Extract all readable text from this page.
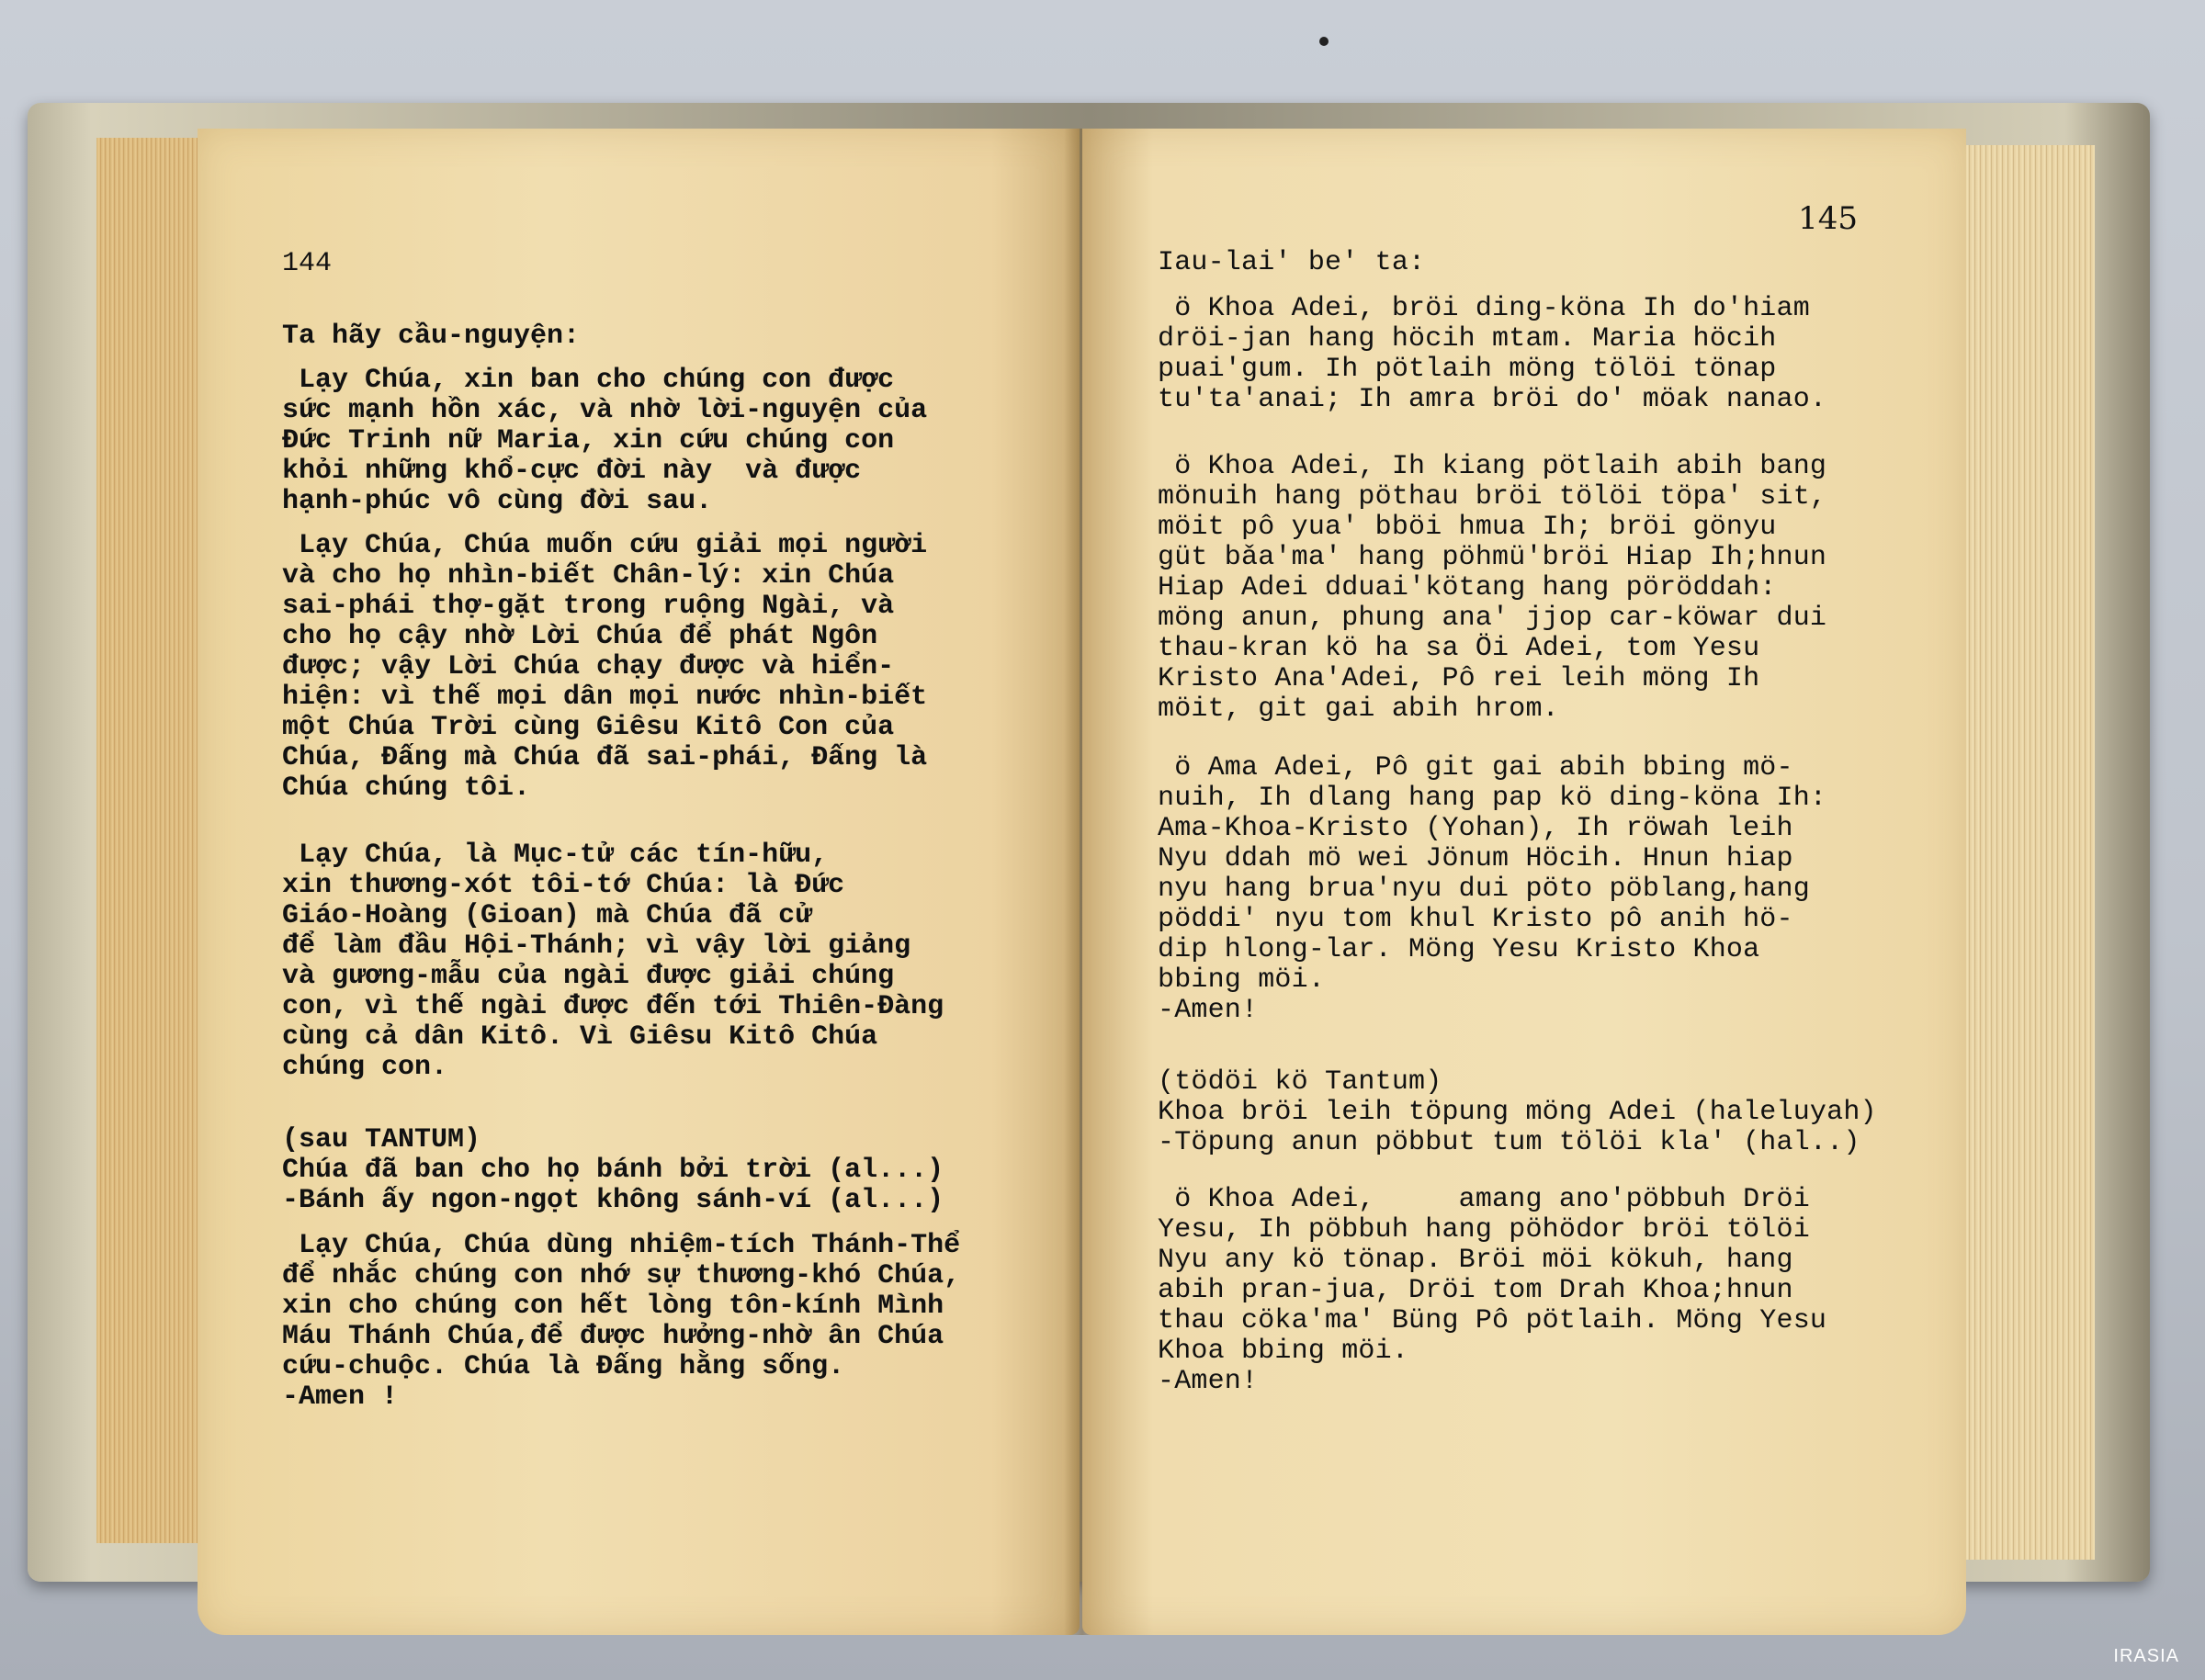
144

Ta hãy cầu-nguyện:

Lạy Chúa, xin ban cho chúng con được
sức mạnh hồn xác, và nhờ lời-nguyện của
Đức Trinh nữ Maria, xin cứu chúng con
khỏi những khổ-cực đời này  và được
hạnh-phúc vô cùng đời sau.

Lạy Chúa, Chúa muốn cứu giải mọi người
và cho họ nhìn-biết Chân-lý: xin Chúa
sai-phái thợ-gặt trong ruộng Ngài, và
cho họ cậy nhờ Lời Chúa để phát Ngôn
được; vậy Lời Chúa chạy được và hiển-
hiện: vì thế mọi dân mọi nước nhìn-biết
một Chúa Trời cùng Giêsu Kitô Con của
Chúa, Đấng mà Chúa đã sai-phái, Đấng là
Chúa chúng tôi.

Lạy Chúa, là Mục-tử các tín-hữu,
xin thương-xót tôi-tớ Chúa: là Đức
Giáo-Hoàng (Gioan) mà Chúa đã cử
để làm đầu Hội-Thánh; vì vậy lời giảng
và gương-mẫu của ngài được giải chúng
con, vì thế ngài được đến tới Thiên-Đàng
cùng cả dân Kitô. Vì Giêsu Kitô Chúa
chúng con.

(sau TANTUM)
Chúa đã ban cho họ bánh bởi trời (al...)
-Bánh ấy ngon-ngọt không sánh-ví (al...)

Lạy Chúa, Chúa dùng nhiệm-tích Thánh-Thể
để nhắc chúng con nhớ sự thương-khó Chúa,
xin cho chúng con hết lòng tôn-kính Mình
Máu Thánh Chúa,để được hưởng-nhờ ân Chúa
cứu-chuộc. Chúa là Đấng hằng sống.
-Amen !

145

Iau-lai' be' ta:

ö Khoa Adei, bröi ding-köna Ih do'hiam
dröi-jan hang höcih mtam. Maria höcih
puai'gum. Ih pötlaih möng tölöi tönap
tu'ta'anai; Ih amra bröi do' möak nanao.

ö Khoa Adei, Ih kiang pötlaih abih bang
mönuih hang pöthau bröi tölöi töpa' sit,
möit pô yua' bböi hmua Ih; bröi gönyu
güt bǎa'ma' hang pöhmü'bröi Hiap Ih;hnun
Hiap Adei dduai'kötang hang pöröddah:
möng anun, phung ana' jjop car-köwar dui
thau-kran kö ha sa Öi Adei, tom Yesu
Kristo Ana'Adei, Pô rei leih möng Ih
möit, git gai abih hrom.

ö Ama Adei, Pô git gai abih bbing mö-
nuih, Ih dlang hang pap kö ding-köna Ih:
Ama-Khoa-Kristo (Yohan), Ih röwah leih
Nyu ddah mö wei Jönum Höcih. Hnun hiap
nyu hang brua'nyu dui pöto pöblang,hang
pöddi' nyu tom khul Kristo pô anih hö-
dip hlong-lar. Möng Yesu Kristo Khoa
bbing möi.
-Amen!

(tödöi kö Tantum)
Khoa bröi leih töpung möng Adei (haleluyah)
-Töpung anun pöbbut tum tölöi kla' (hal..)

ö Khoa Adei,     amang ano'pöbbuh Dröi
Yesu, Ih pöbbuh hang pöhödor bröi tölöi
Nyu any kö tönap. Bröi möi kökuh, hang
abih pran-jua, Dröi tom Drah Khoa;hnun
thau cöka'ma' Büng Pô pötlaih. Möng Yesu
Khoa bbing möi.
-Amen!

IRASIA
